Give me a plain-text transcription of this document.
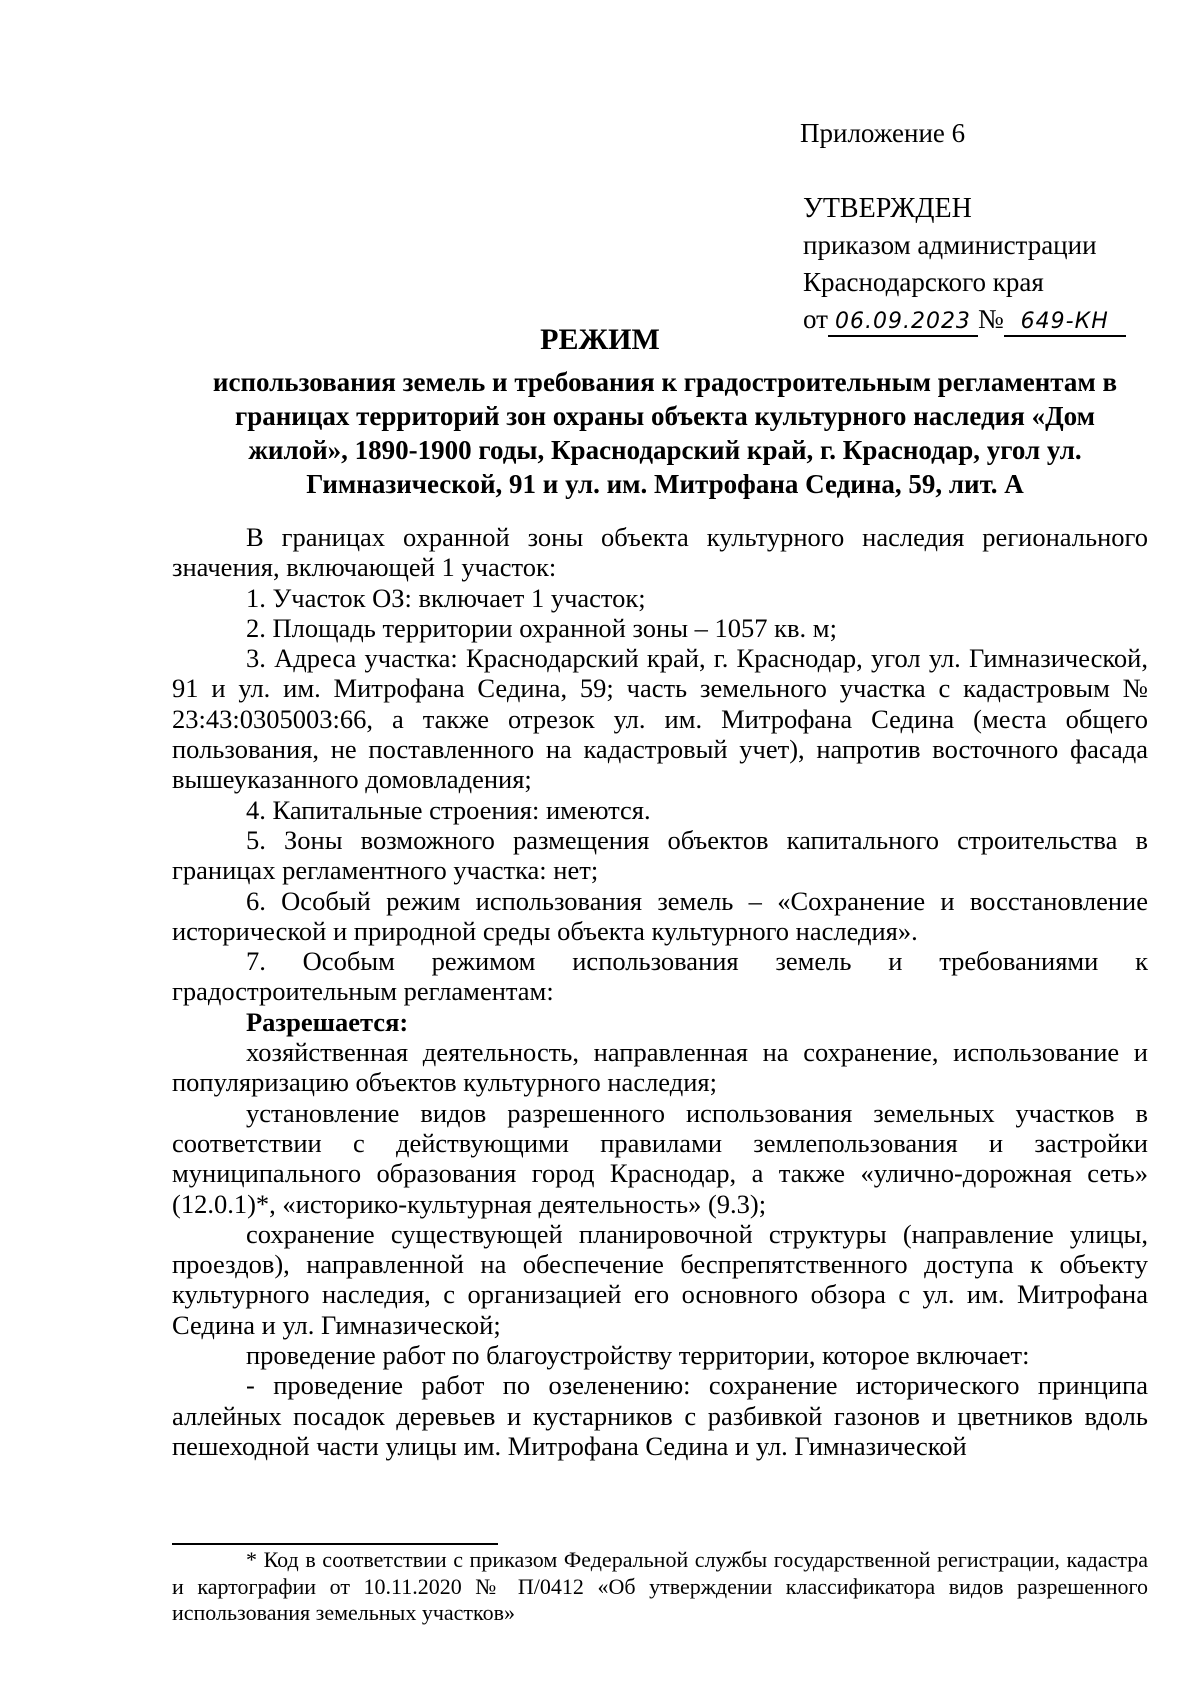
Приложение 6
УТВЕРЖДЕН
приказом администрации
Краснодарского края
от 06.09.2023 № 649-КН
РЕЖИМ
использования земель и требования к градостроительным регламентам в границах территорий зон охраны объекта культурного наследия «Дом жилой», 1890-1900 годы, Краснодарский край, г. Краснодар, угол ул. Гимназической, 91 и ул. им. Митрофана Седина, 59, лит. А

В границах охранной зоны объекта культурного наследия регионального значения, включающей 1 участок:

1. Участок ОЗ: включает 1 участок;

2. Площадь территории охранной зоны – 1057 кв. м;

3. Адреса участка: Краснодарский край, г. Краснодар, угол ул. Гимназической, 91 и ул. им. Митрофана Седина, 59; часть земельного участка с кадастровым № 23:43:0305003:66, а также отрезок ул. им. Митрофана Седина (места общего пользования, не поставленного на кадастровый учет), напротив восточного фасада вышеуказанного домовладения;

4. Капитальные строения: имеются.

5. Зоны возможного размещения объектов капитального строительства в границах регламентного участка: нет;

6. Особый режим использования земель – «Сохранение и восстановление исторической и природной среды объекта культурного наследия».

7. Особым режимом использования земель и требованиями к градостроительным регламентам:

Разрешается:

хозяйственная деятельность, направленная на сохранение, использование и популяризацию объектов культурного наследия;

установление видов разрешенного использования земельных участков в соответствии с действующими правилами землепользования и застройки муниципального образования город Краснодар, а также «улично-дорожная сеть» (12.0.1)*, «историко-культурная деятельность» (9.3);

сохранение существующей планировочной структуры (направление улицы, проездов), направленной на обеспечение беспрепятственного доступа к объекту культурного наследия, с организацией его основного обзора с ул. им. Митрофана Седина и ул. Гимназической;

проведение работ по благоустройству территории, которое включает:

- проведение работ по озеленению: сохранение исторического принципа аллейных посадок деревьев и кустарников с разбивкой газонов и цветников вдоль пешеходной части улицы им. Митрофана Седина и ул. Гимназической

* Код в соответствии с приказом Федеральной службы государственной регистрации, кадастра и картографии от 10.11.2020 № П/0412 «Об утверждении классификатора видов разрешенного использования земельных участков»
